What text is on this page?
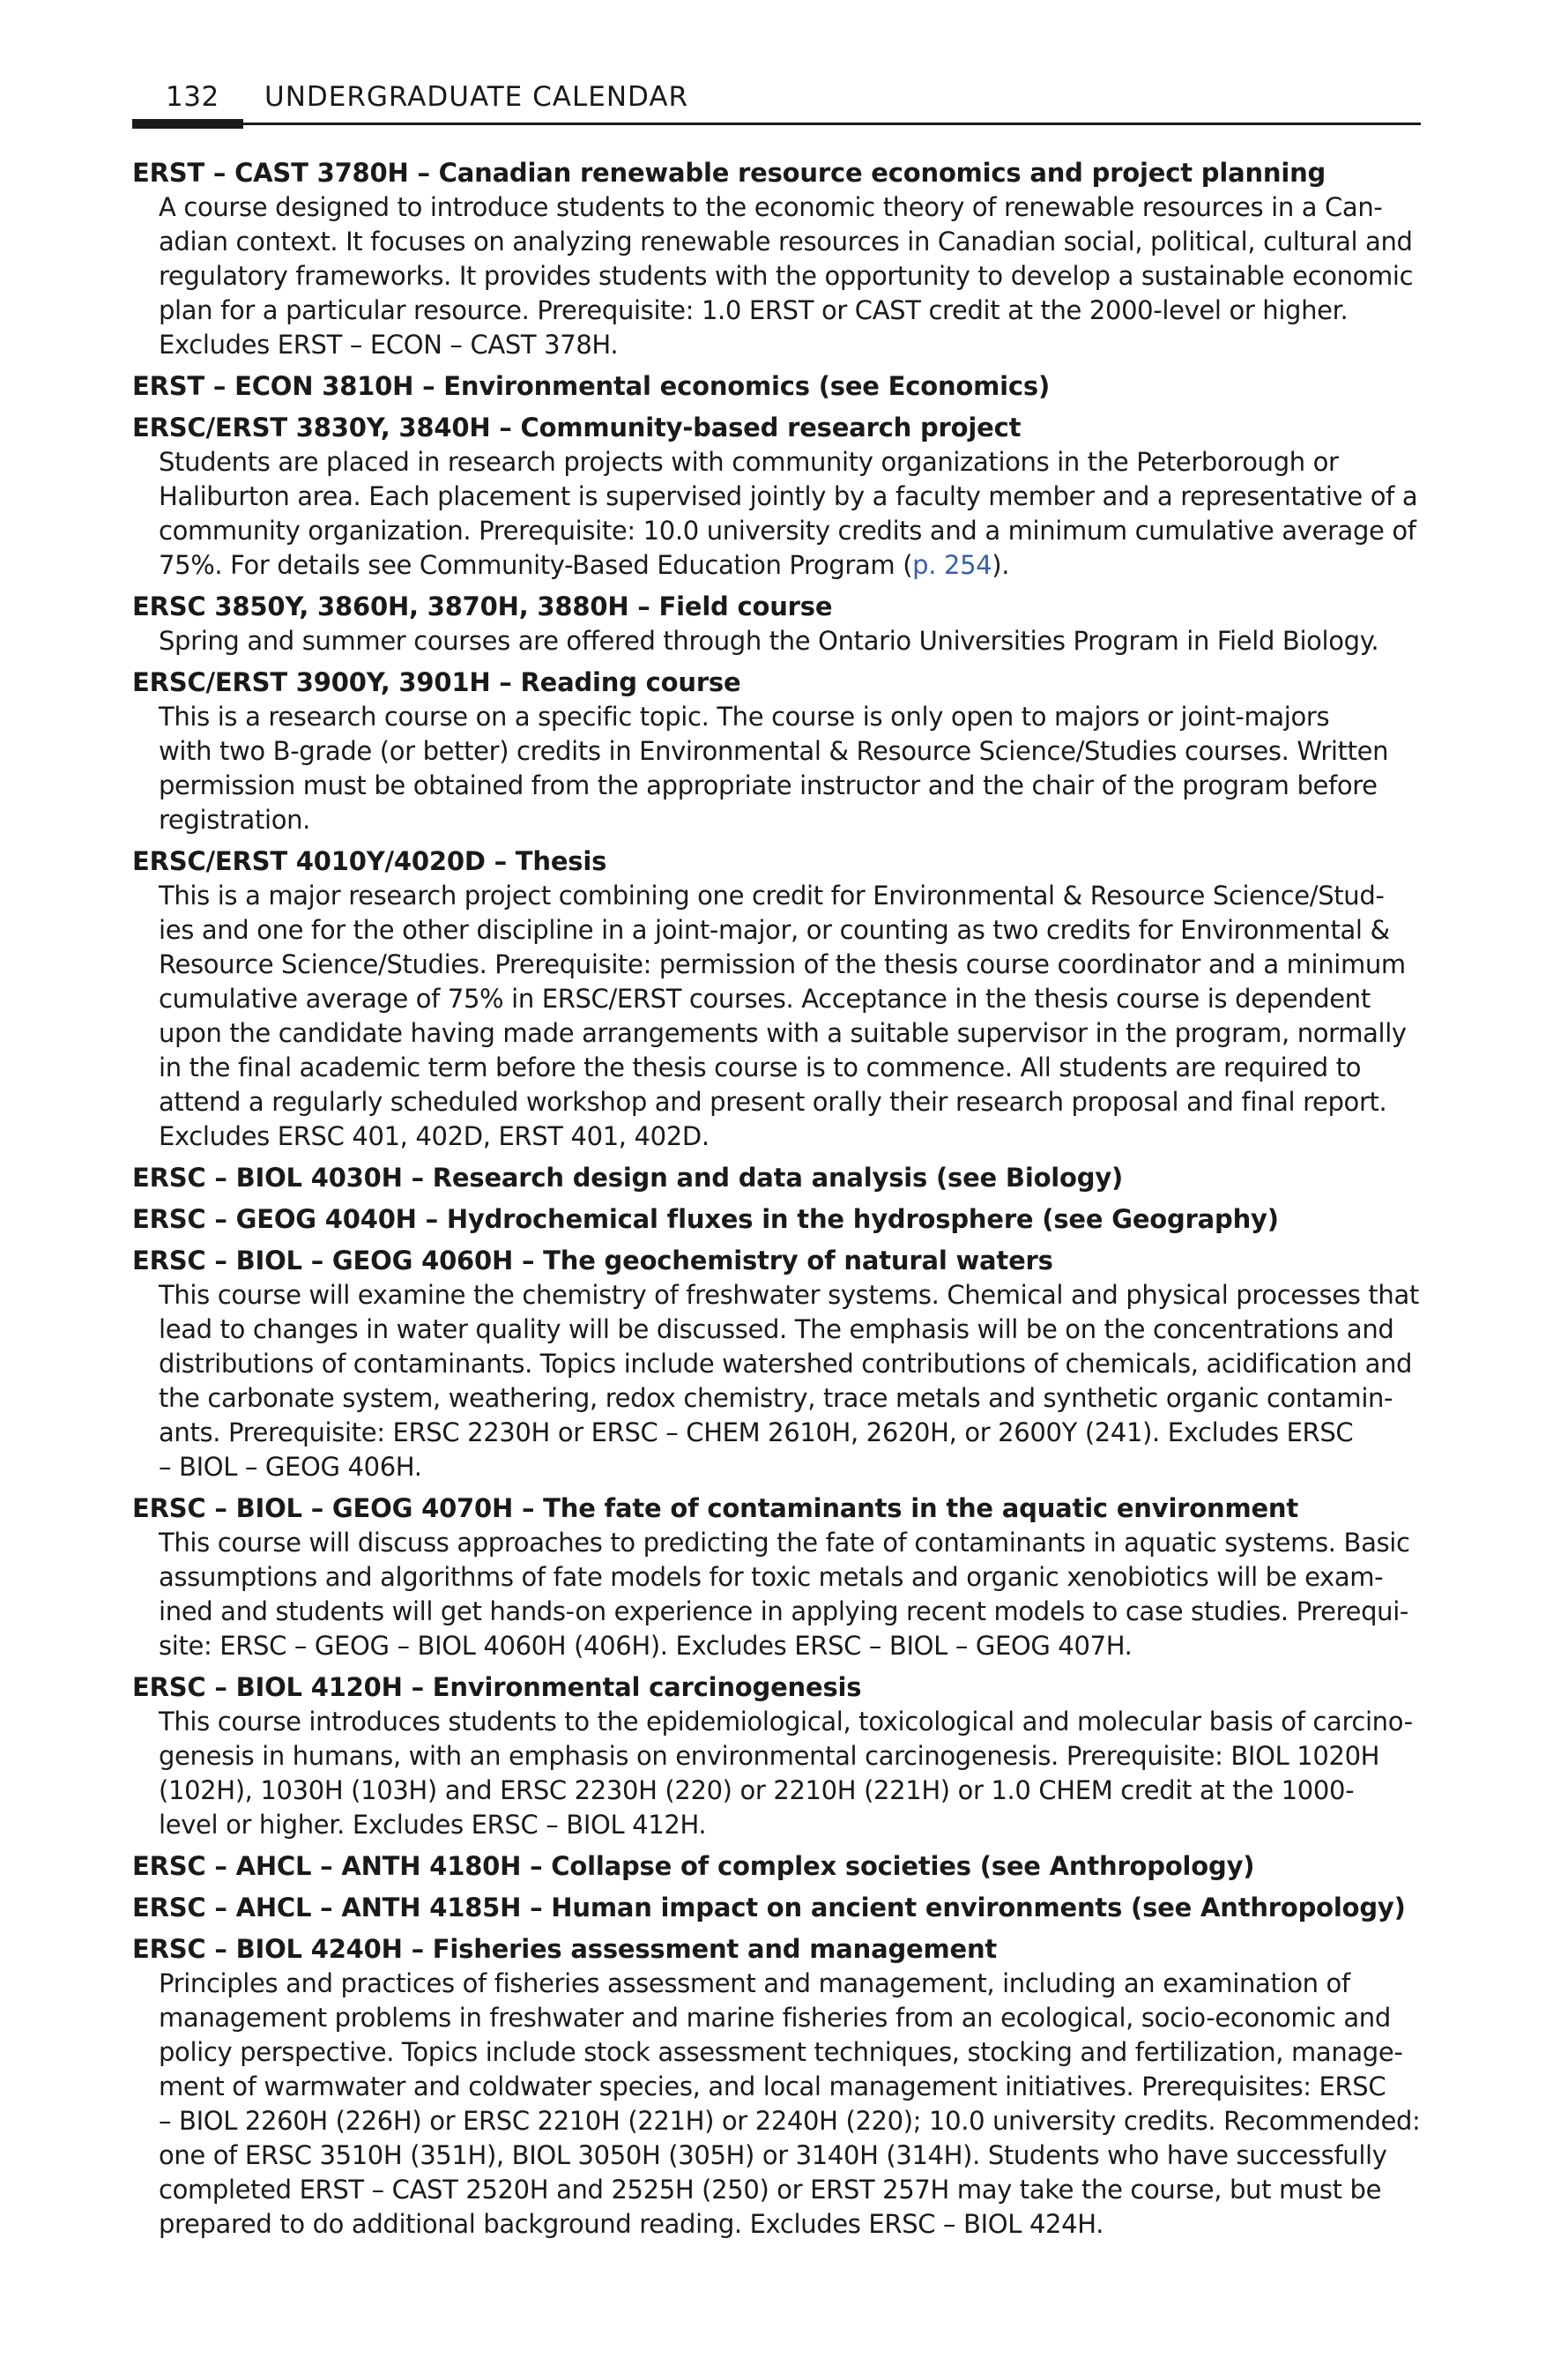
132 UNDERGRADUATE CALENDAR
ERST – CAST 3780H – Canadian renewable resource economics and project planning
A course designed to introduce students to the economic theory of renewable resources in a Can-
adian context. It focuses on analyzing renewable resources in Canadian social, political, cultural and
regulatory frameworks. It provides students with the opportunity to develop a sustainable economic
plan for a particular resource. Prerequisite: 1.0 ERST or CAST credit at the 2000-level or higher.
Excludes ERST – ECON – CAST 378H.
ERST – ECON 3810H – Environmental economics (see Economics)
ERSC/ERST 3830Y, 3840H – Community-based research project
Students are placed in research projects with community organizations in the Peterborough or
Haliburton area. Each placement is supervised jointly by a faculty member and a representative of a
community organization. Prerequisite: 10.0 university credits and a minimum cumulative average of
75%. For details see Community-Based Education Program (p. 254).
ERSC 3850Y, 3860H, 3870H, 3880H – Field course
Spring and summer courses are offered through the Ontario Universities Program in Field Biology.
ERSC/ERST 3900Y, 3901H – Reading course
This is a research course on a specific topic. The course is only open to majors or joint-majors
with two B-grade (or better) credits in Environmental & Resource Science/Studies courses. Written
permission must be obtained from the appropriate instructor and the chair of the program before
registration.
ERSC/ERST 4010Y/4020D – Thesis
This is a major research project combining one credit for Environmental & Resource Science/Stud-
ies and one for the other discipline in a joint-major, or counting as two credits for Environmental &
Resource Science/Studies. Prerequisite: permission of the thesis course coordinator and a minimum
cumulative average of 75% in ERSC/ERST courses. Acceptance in the thesis course is dependent
upon the candidate having made arrangements with a suitable supervisor in the program, normally
in the final academic term before the thesis course is to commence. All students are required to
attend a regularly scheduled workshop and present orally their research proposal and final report.
Excludes ERSC 401, 402D, ERST 401, 402D.
ERSC – BIOL 4030H – Research design and data analysis (see Biology)
ERSC – GEOG 4040H – Hydrochemical fluxes in the hydrosphere (see Geography)
ERSC – BIOL – GEOG 4060H – The geochemistry of natural waters
This course will examine the chemistry of freshwater systems. Chemical and physical processes that
lead to changes in water quality will be discussed. The emphasis will be on the concentrations and
distributions of contaminants. Topics include watershed contributions of chemicals, acidification and
the carbonate system, weathering, redox chemistry, trace metals and synthetic organic contamin-
ants. Prerequisite: ERSC 2230H or ERSC – CHEM 2610H, 2620H, or 2600Y (241). Excludes ERSC
– BIOL – GEOG 406H.
ERSC – BIOL – GEOG 4070H – The fate of contaminants in the aquatic environment
This course will discuss approaches to predicting the fate of contaminants in aquatic systems. Basic
assumptions and algorithms of fate models for toxic metals and organic xenobiotics will be exam-
ined and students will get hands-on experience in applying recent models to case studies. Prerequi-
site: ERSC – GEOG – BIOL 4060H (406H). Excludes ERSC – BIOL – GEOG 407H.
ERSC – BIOL 4120H – Environmental carcinogenesis
This course introduces students to the epidemiological, toxicological and molecular basis of carcino-
genesis in humans, with an emphasis on environmental carcinogenesis. Prerequisite: BIOL 1020H
(102H), 1030H (103H) and ERSC 2230H (220) or 2210H (221H) or 1.0 CHEM credit at the 1000-
level or higher. Excludes ERSC – BIOL 412H.
ERSC – AHCL – ANTH 4180H – Collapse of complex societies (see Anthropology)
ERSC – AHCL – ANTH 4185H – Human impact on ancient environments (see Anthropology)
ERSC – BIOL 4240H – Fisheries assessment and management
Principles and practices of fisheries assessment and management, including an examination of
management problems in freshwater and marine fisheries from an ecological, socio-economic and
policy perspective. Topics include stock assessment techniques, stocking and fertilization, manage-
ment of warmwater and coldwater species, and local management initiatives. Prerequisites: ERSC
– BIOL 2260H (226H) or ERSC 2210H (221H) or 2240H (220); 10.0 university credits. Recommended:
one of ERSC 3510H (351H), BIOL 3050H (305H) or 3140H (314H). Students who have successfully
completed ERST – CAST 2520H and 2525H (250) or ERST 257H may take the course, but must be
prepared to do additional background reading. Excludes ERSC – BIOL 424H.
